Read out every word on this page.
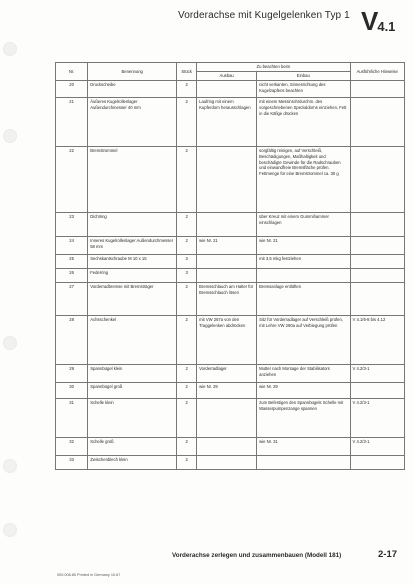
Vorderachse mit Kugelgelenken Typ 1 $V_{4.1}$
Nr.	Benennung	Stück	Zu beachten beim		Ausführliche Hinweise
			Ausbau	Einbau	
20	Druckscheibe	2		nicht verkanten, Sinnesrichtung des Kugelzapfens beachten	
21	Äußeres Kugelrollenlager Außendurchmesser 40 mm	2	Laufring mit einem Kupferdorn herausschlagen	mit einem Messinrohrdurchm. des vorgeschriebenen Spezialdorns einziehen, Fett in die Käfige drücken	
22	Bremstrommel	2		sorgfältig reinigen, auf Verschleiß, Beschädigungen, Maßhaltigkeit und beschädigte Gewinde für die Radschrauben und einwandfreie Bremsfläche prüfen. Fettmenge für eine Bremstrommel ca. 30 g	
23	Dichtring	2		über Kreuz mit einem Gummihammer einschlagen	
24	Inneres Kugelrollenlager Außendurchmesser 58 mm	2	wie Nr. 21	wie Nr. 21	
25	Sechskantschraube M 10 x 15	3		mit 3,5 mkg festziehen	
26	Federring	3			
27	Vorderradbremse mit Bremsträger	2	Bremsschlauch am Halter für Bremsschlauch lösen	Bremsanlage entlüften	
28	Achsschenkel	2	mit VW 267a von den Traggelenken abdrücken	Sitz für Vorderradlager auf Verschleiß prüfen, mit Lehre VW 290a auf Verbiegung prüfen	V 4.1/6-8 bis 4.12
29	Spannbügel klein	2	Vorderradlager	Mutter nach Montage der Stabilisators anziehen	V 4.2/3-1
30	Spannbügel groß	2	wie Nr. 29	wie Nr. 29	
31	Schelle klein	2		zum Befestigen des Spannbügels Schelle mit Wasserpumpenzange spannen	V 4.2/3-1
32	Schelle groß	2		wie Nr. 31	V 4.2/3-1
33	Zwischenblech klein	2			
Vorderachse zerlegen und zusammenbauen (Modell 181)	2-17
000.008.85 Printed in Germany 10.67
